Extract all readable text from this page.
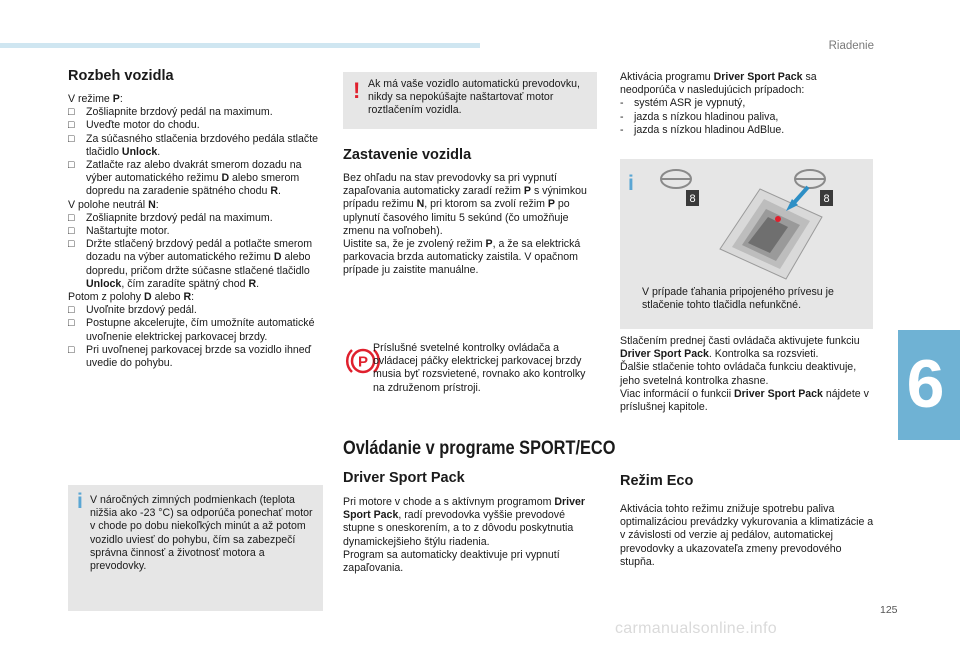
Riadenie
6
125
carmanualsonline.info
Rozbeh vozidla

V režime P:

□	Zošliapnite brzdový pedál na maximum.
□	Uveďte motor do chodu.
□	Za súčasného stlačenia brzdového pedála stlačte tlačidlo Unlock.
□	Zatlačte raz alebo dvakrát smerom dozadu na výber automatického režimu D alebo smerom dopredu na zaradenie spätného chodu R.

V polohe neutrál N:

□	Zošliapnite brzdový pedál na maximum.
□	Naštartujte motor.
□	Držte stlačený brzdový pedál a potlačte smerom dozadu na výber automatického režimu D alebo dopredu, pričom držte súčasne stlačené tlačidlo Unlock, čím zaradíte spätný chod R.

Potom z polohy D alebo R:

□	Uvoľnite brzdový pedál.
□	Postupne akcelerujte, čím umožníte automatické uvoľnenie elektrickej parkovacej brzdy.
□	Pri uvoľnenej parkovacej brzde sa vozidlo ihneď uvedie do pohybu.
i V náročných zimných podmienkach (teplota nižšia ako -23 °C) sa odporúča ponechať motor v chode po dobu niekoľkých minút a až potom vozidlo uviesť do pohybu, čím sa zabezpečí správna činnosť a životnosť motora a prevodovky.

! Ak má vaše vozidlo automatickú prevodovku, nikdy sa nepokúšajte naštartovať motor roztlačením vozidla.

Zastavenie vozidla

Bez ohľadu na stav prevodovky sa pri vypnutí zapaľovania automaticky zaradí režim P s výnimkou prípadu režimu N, pri ktorom sa zvolí režim P po uplynutí časového limitu 5 sekúnd (čo umožňuje zmenu na voľnobeh).

Uistite sa, že je zvolený režim P, a že sa elektrická parkovacia brzda automaticky zaistila. V opačnom prípade ju zaistite manuálne.

P

Príslušné svetelné kontrolky ovládača a ovládacej páčky elektrickej parkovacej brzdy musia byť rozsvietené, rovnako ako kontrolky na združenom prístroji.

Ovládanie v programe SPORT/ECO
Driver Sport Pack

Pri motore v chode a s aktívnym programom Driver Sport Pack, radí prevodovka vyššie prevodové stupne s oneskorením, a to z dôvodu poskytnutia dynamickejšieho štýlu riadenia.

Program sa automaticky deaktivuje pri vypnutí zapaľovania.

Aktivácia programu Driver Sport Pack sa neodporúča v nasledujúcich prípadoch:

- systém ASR je vypnutý,
- jazda s nízkou hladinou paliva,
- jazda s nízkou hladinou AdBlue.
i
8	8

V prípade ťahania pripojeného prívesu je stlačenie tohto tlačidla nefunkčné.

Stlačením prednej časti ovládača aktivujete funkciu Driver Sport Pack. Kontrolka sa rozsvieti.

Ďalšie stlačenie tohto ovládača funkciu deaktivuje, jeho svetelná kontrolka zhasne.

Viac informácií o funkcii Driver Sport Pack nájdete v príslušnej kapitole.

Režim Eco

Aktivácia tohto režimu znižuje spotrebu paliva optimalizáciou prevádzky vykurovania a klimatizácie a v závislosti od verzie aj pedálov, automatickej prevodovky a ukazovateľa zmeny prevodového stupňa.
